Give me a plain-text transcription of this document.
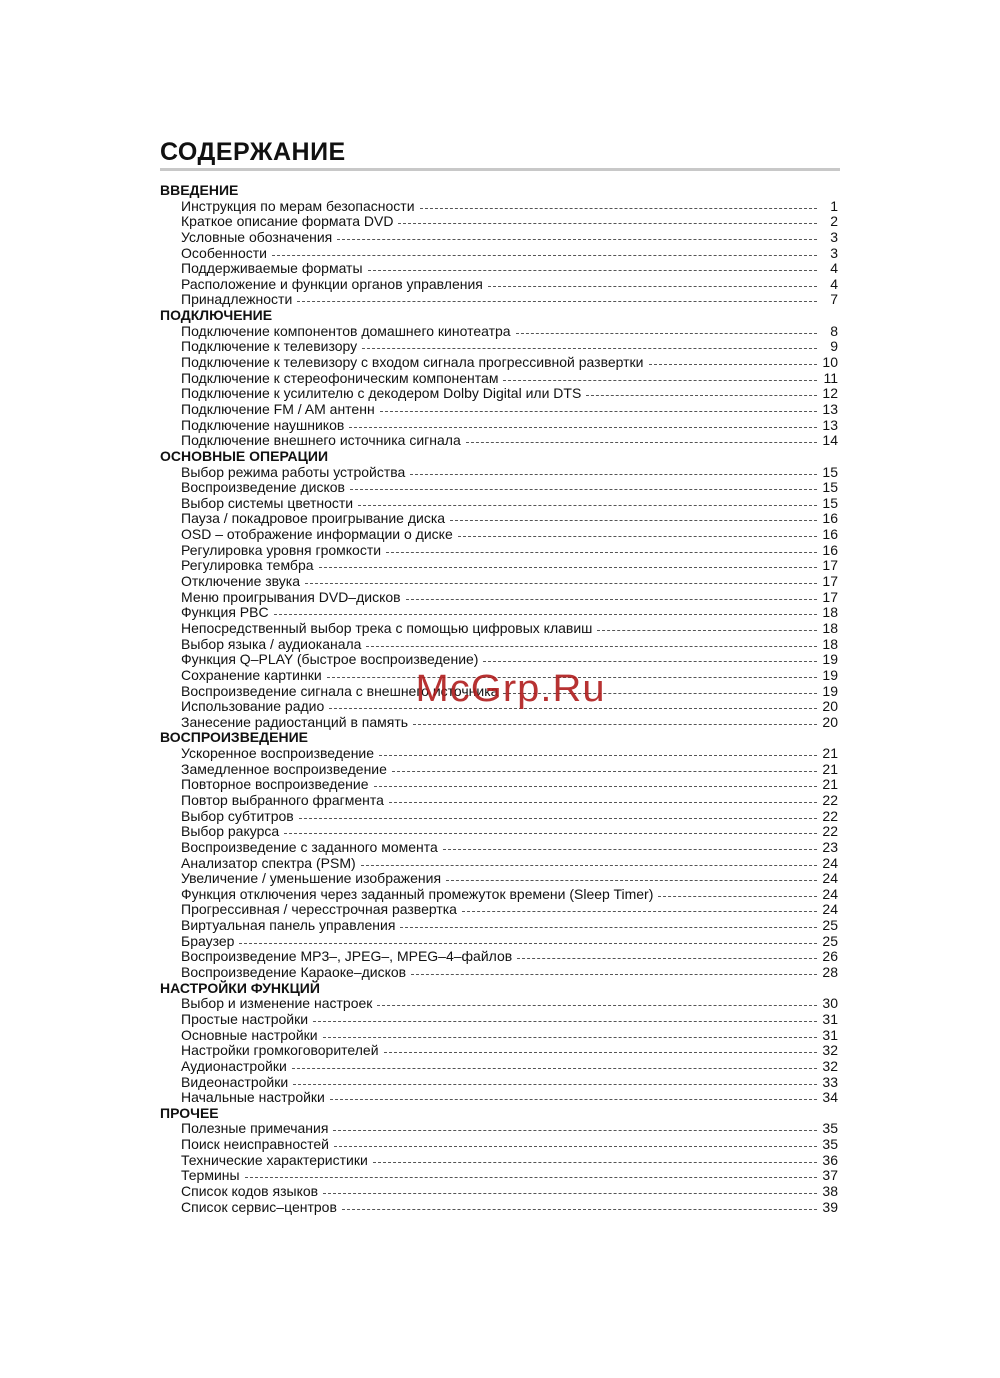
СОДЕРЖАНИЕ
ВВЕДЕНИЕ
Инструкция по мерам безопасности	1
Краткое описание формата DVD	2
Условные обозначения	3
Особенности	3
Поддерживаемые форматы	4
Расположение и функции органов управления	4
Принадлежности	7
ПОДКЛЮЧЕНИЕ
Подключение компонентов домашнего кинотеатра	8
Подключение к телевизору	9
Подключение к телевизору с входом сигнала прогрессивной развертки	10
Подключение к стереофоническим компонентам	11
Подключение к усилителю с декодером Dolby Digital или DTS	12
Подключение FM / AM антенн	13
Подключение наушников	13
Подключение внешнего источника сигнала	14
ОСНОВНЫЕ ОПЕРАЦИИ
Выбор режима работы устройства	15
Воспроизведение дисков	15
Выбор системы цветности	15
Пауза / покадровое проигрывание диска	16
OSD – отображение информации о диске	16
Регулировка уровня громкости	16
Регулировка тембра	17
Отключение звука	17
Меню проигрывания DVD–дисков	17
Функция PBC	18
Непосредственный выбор трека с помощью цифровых клавиш	18
Выбор языка / аудиоканала	18
Функция Q–PLAY (быстрое воспроизведение)	19
Сохранение картинки	19
Воспроизведение сигнала с внешнего источника	19
Использование радио	20
Занесение радиостанций в память	20
ВОСПРОИЗВЕДЕНИЕ
Ускоренное воспроизведение	21
Замедленное воспроизведение	21
Повторное воспроизведение	21
Повтор выбранного фрагмента	22
Выбор субтитров	22
Выбор ракурса	22
Воспроизведение с заданного момента	23
Анализатор спектра (PSM)	24
Увеличение / уменьшение изображения	24
Функция отключения через заданный промежуток времени (Sleep Timer)	24
Прогрессивная / чересстрочная развертка	24
Виртуальная панель управления	25
Браузер	25
Воспроизведение MP3–, JPEG–, MPEG–4–файлов	26
Воспроизведение Караоке–дисков	28
НАСТРОЙКИ ФУНКЦИЙ
Выбор и изменение настроек	30
Простые настройки	31
Основные настройки	31
Настройки громкоговорителей	32
Аудионастройки	32
Видеонастройки	33
Начальные настройки	34
ПРОЧЕЕ
Полезные примечания	35
Поиск неисправностей	35
Технические характеристики	36
Термины	37
Список кодов языков	38
Список сервис–центров	39
McGrp.Ru
